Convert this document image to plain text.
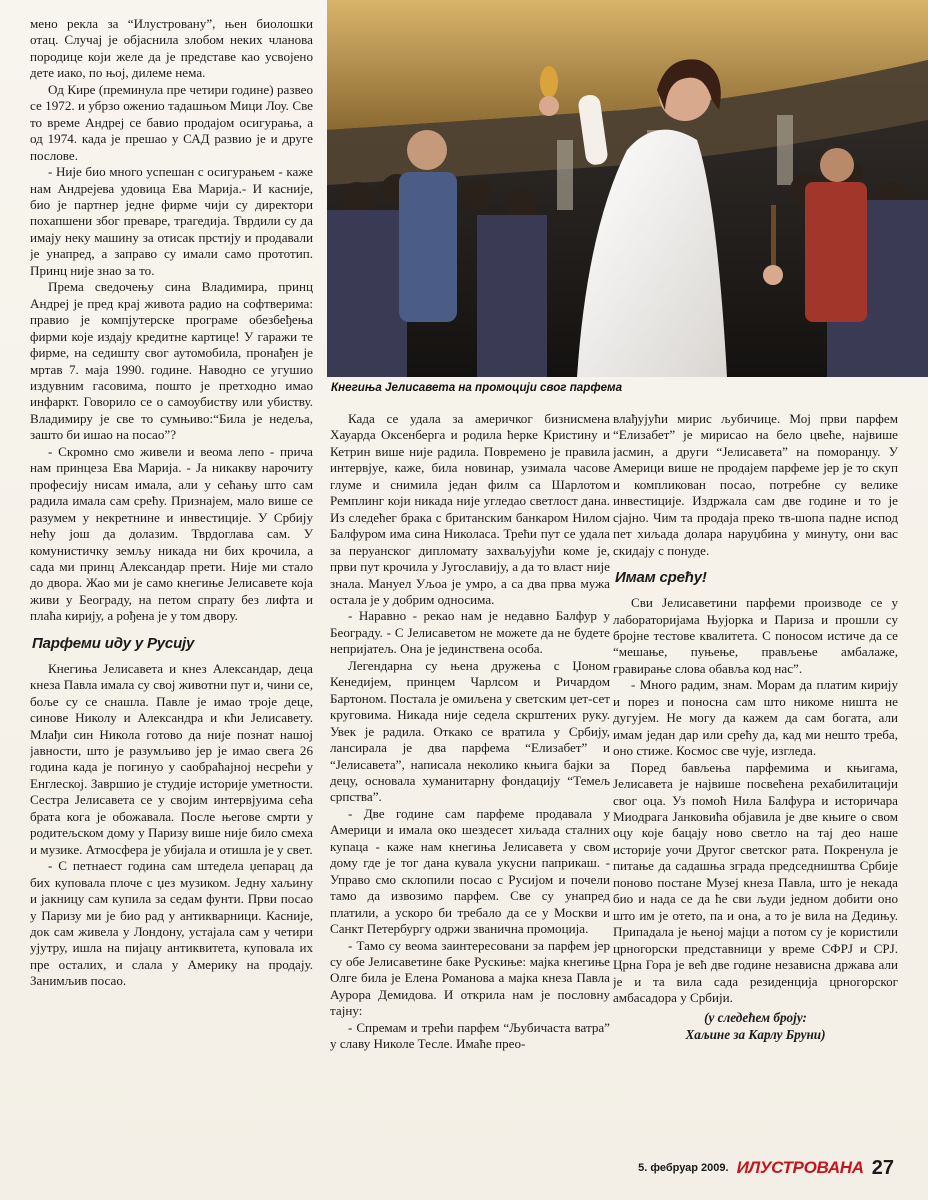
мено рекла за “Илустровану”, њен биолошки отац. Случај је објаснила злобом неких чланова породице који желе да је представе као усвојено дете иако, по њој, дилеме нема.

Од Кире (преминула пре четири године) развео се 1972. и убрзо оженио тадашњом Мици Лоу. Све то време Андреј се бавио продајом осигурања, а од 1974. када је прешао у САД развио је и друге послове.

- Није био много успешан с осигурањем - каже нам Андрејева удовица Ева Марија.- И касније, био је партнер једне фирме чији су директори похапшени због преваре, трагедија. Тврдили су да имају неку машину за отисак прстију и продавали је унапред, а заправо су имали само прототип. Принц није знао за то.

Према сведочењу сина Владимира, принц Андреј је пред крај живота радио на софтверима: правио је компјутерске програме обезбеђења фирми које издају кредитне картице! У гаражи те фирме, на седишту свог аутомобила, пронађен је мртав 7. маја 1990. године. Наводно се угушио издувним гасовима, пошто је претходно имао инфаркт. Говорило се о самоубиству или убиству. Владимиру је све то сумњиво:“Била је недеља, зашто би ишао на посао”?

- Скромно смо живели и веома лепо - прича нам принцеза Ева Марија. - Ја никакву нарочиту професију нисам имала, али у сећању што сам радила имала сам срећу. Признајем, мало више се разумем у некретнине и инвестиције. У Србију нећу још да долазим. Тврдоглава сам. У комунистичку земљу никада ни бих крочила, а сада ми принц Александар прети. Није ми стало до двора. Жао ми је само кнегиње Јелисавете која живи у Београду, на петом спрату без лифта и плаћа кирију, а рођена је у том двору.

Парфеми иду у Русију

Кнегиња Јелисавета и кнез Александар, деца кнеза Павла имала су свој животни пут и, чини се, боље су се снашла. Павле је имао троје деце, синове Николу и Александра и кћи Јелисавету. Млађи син Никола готово да није познат нашој јавности, што је разумљиво јер је имао свега 26 година када је погинуо у саобраћајној несрећи у Енглеској. Завршио је студије историје уметности. Сестра Јелисавета се у својим интервјуима сећа брата кога је обожавала. После његове смрти у родитељском дому у Паризу више није било смеха и музике. Атмосфера је убијала и отишла је у свет.

- С петнаест година сам штедела џепарац да бих куповала плоче с џез музиком. Једну хаљину и јакницу сам купила за седам фунти. Први посао у Паризу ми је био рад у антикварници. Касније, док сам живела у Лондону, устајала сам у четири ујутру, ишла на пијацу антиквитета, куповала их пре осталих, и слала у Америку на продају. Занимљив посао.

Кнегиња Јелисавета на промоцији свог парфема

Када се удала за америчког бизнисмена Хауарда Оксенберга и родила ћерке Кристину и Кетрин више није радила. Повремено је правила интервјуе, каже, била новинар, узимала часове глуме и снимила један филм са Шарлотом Ремплинг који никада није угледао светлост дана. Из следећег брака с британским банкаром Нилом Балфуром има сина Николаса. Трећи пут се удала за перуанског дипломату захваљујући коме је, први пут крочила у Југославију, а да то власт није знала. Мануел Уљоа је умро, а са два прва мужа остала је у добрим односима.

- Наравно - рекао нам је недавно Балфур у Београду. - С Јелисаветом не можете да не будете непријатељ. Она је јединствена особа.

Легендарна су њена дружења с Џоном Кенедијем, принцем Чарлсом и Ричардом Бартоном. Постала је омиљена у светским џет-сет круговима. Никада није седела скрштених руку. Увек је радила. Откако се вратила у Србију, лансирала је два парфема “Елизабет” и “Јелисавета”, написала неколико књига бајки за децу, основала хуманитарну фондацију “Темељ српства”.

- Две године сам парфеме продавала у Америци и имала око шездесет хиљада сталних купаца - каже нам кнегиња Јелисавета у свом дому где је тог дана кувала укусни паприкаш. - Управо смо склопили посао с Русијом и почели тамо да извозимо парфем. Све су унапред платили, а ускоро би требало да се у Москви и Санкт Петербургу одржи званична промоција.

- Тамо су веома заинтересовани за парфем јер су обе Јелисаветине баке Рускиње: мајка кнегиње Олге била је Елена Романова а мајка кнеза Павла Аурора Демидова. И открила нам је пословну тајну:

- Спремам и трећи парфем “Љубичаста ватра” у славу Николе Тесле. Имаће прео-

влађујући мирис љубичице. Мој први парфем “Елизабет” је мирисао на бело цвеће, највише јасмин, а други “Јелисавета” на поморанџу. У Америци више не продајем парфеме јер је то скуп и компликован посао, потребне су велике инвестиције. Издржала сам две године и то је сјајно. Чим та продаја преко тв-шопа падне испод пет хиљада долара наруџбина у минуту, они вас скидају с понуде.

Имам срећу!

Сви Јелисаветини парфеми производе се у лабораторијама Њујорка и Париза и прошли су бројне тестове квалитета. С поносом истиче да се “мешање, пуњење, прављење амбалаже, гравирање слова обавља код нас”.

- Много радим, знам. Морам да платим кирију и порез и поносна сам што никоме ништа не дугујем. Не могу да кажем да сам богата, али имам један дар или срећу да, кад ми нешто треба, оно стиже. Космос све чује, изгледа.

Поред бављења парфемима и књигама, Јелисавета је највише посвећена рехабилитацији свог оца. Уз помоћ Нила Балфура и историчара Миодрага Јанковића објавила је две књиге о свом оцу које бацају ново светло на тај део наше историје уочи Другог светског рата. Покренула је питање да садашња зграда председништва Србије поново постане Музеј кнеза Павла, што је некада био и нада се да ће сви људи једном добити оно што им је отето, па и она, а то је вила на Дедињу. Припадала је њеној мајци а потом су је користили црногорски представници у време СФРЈ и СРЈ. Црна Гора је већ две године независна држава али је и та вила сада резиденција црногорског амбасадора у Србији.

(у следећем броју:
Хаљине за Карлу Бруни)
5. фебруар 2009. ИЛУСТРОВАНА 27
